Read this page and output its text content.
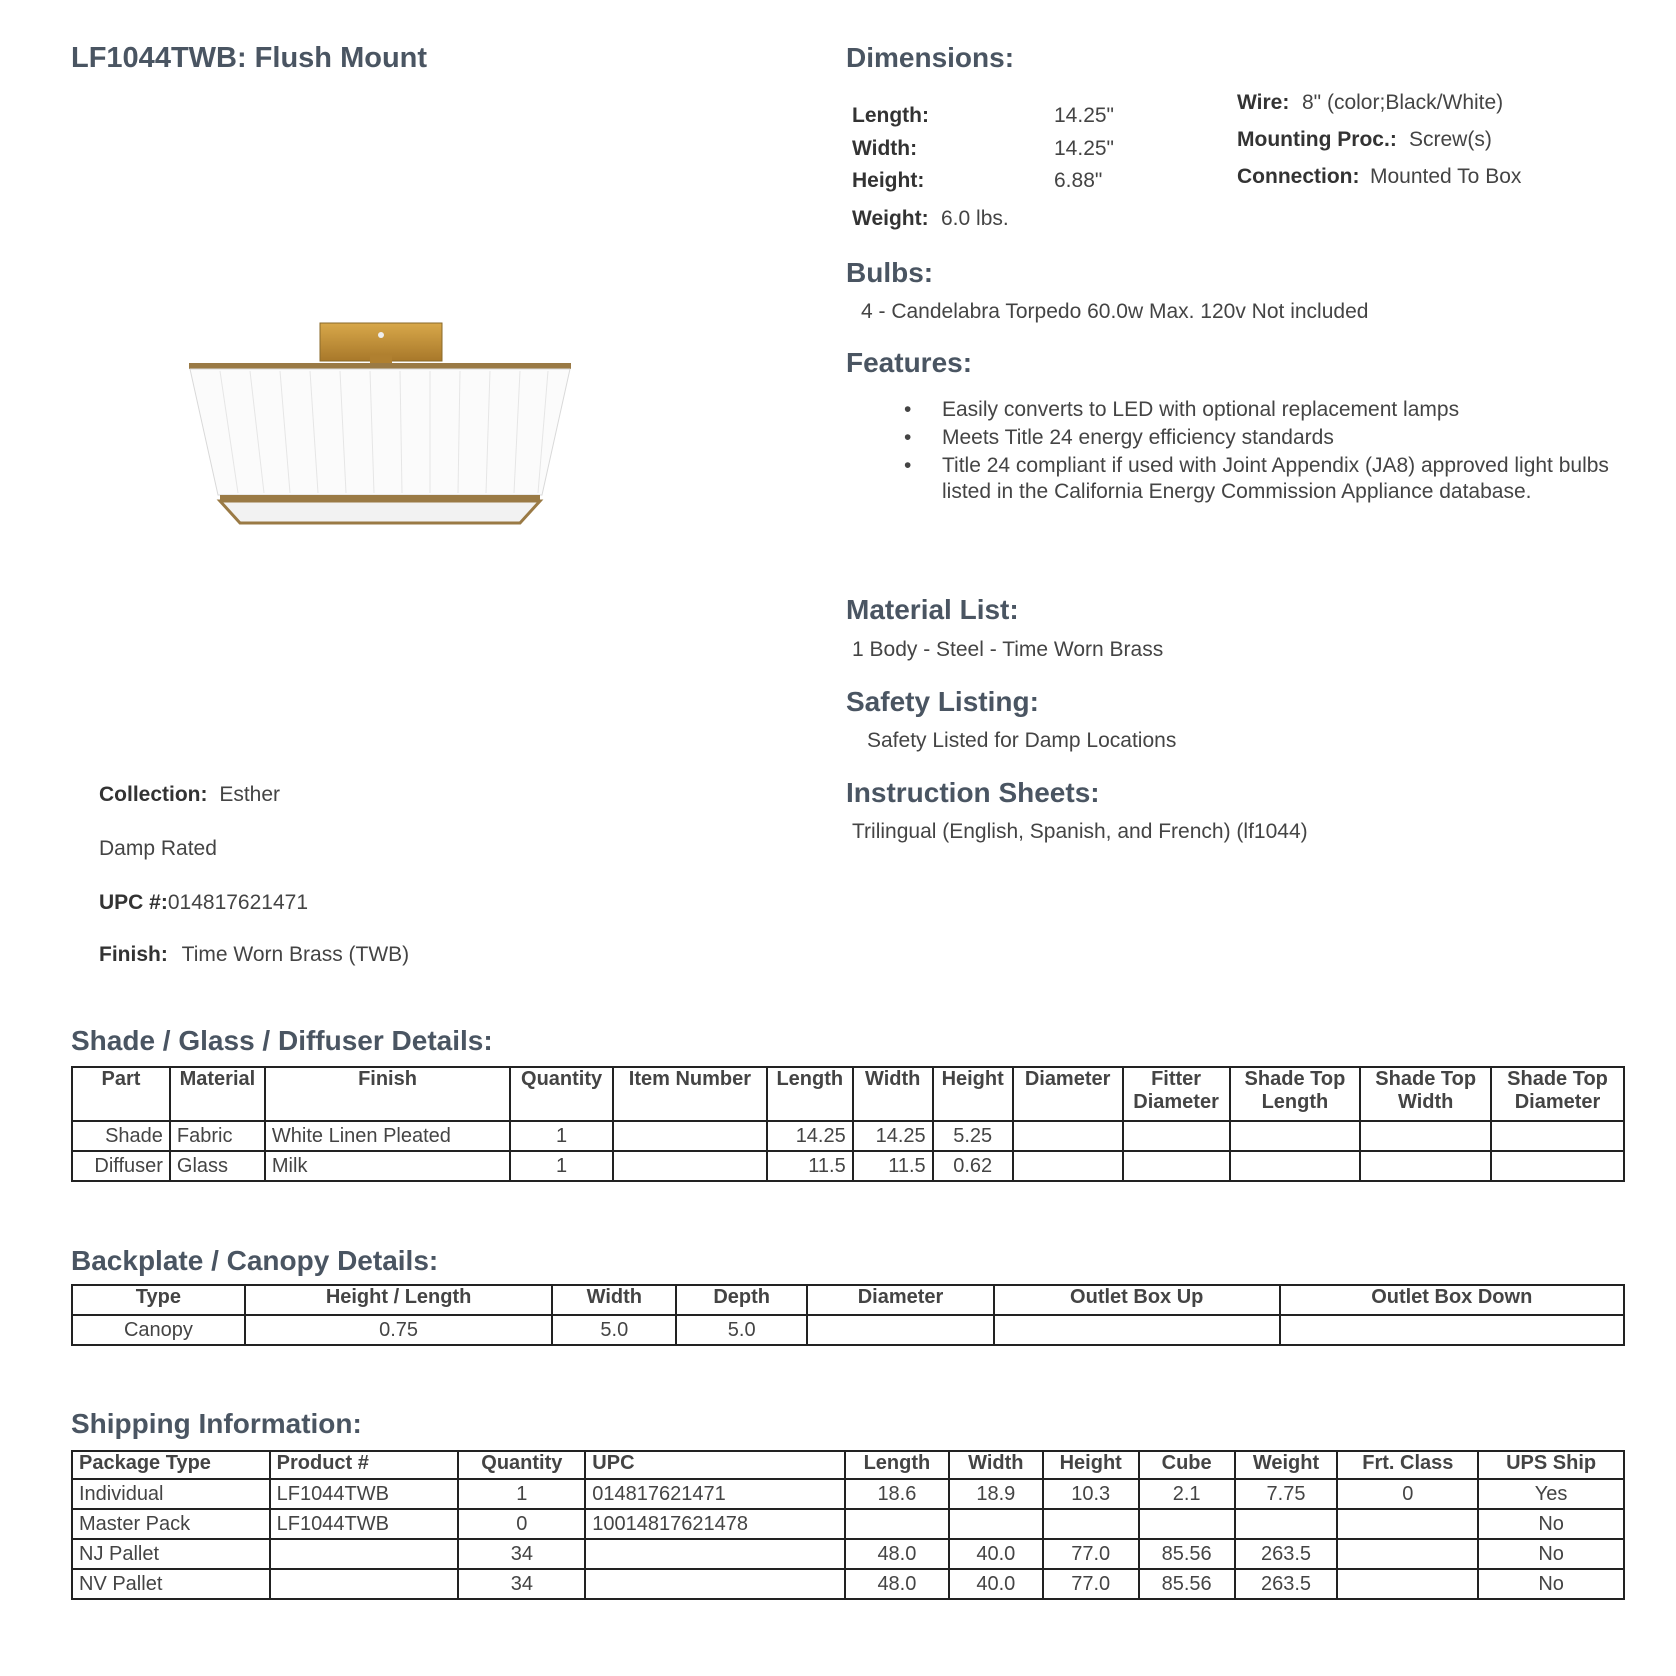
LF1044TWB: Flush Mount
Collection: Esther
Damp Rated
UPC #:014817621471
Finish: Time Worn Brass (TWB)
Dimensions:
Length:	14.25"
Width:	14.25"
Height:	6.88"
Weight: 6.0 lbs.
Wire: 8" (color;Black/White)
Mounting Proc.: Screw(s)
Connection: Mounted To Box
Bulbs:
4 - Candelabra Torpedo 60.0w Max. 120v Not included
Features:
• Easily converts to LED with optional replacement lamps
• Meets Title 24 energy efficiency standards
• Title 24 compliant if used with Joint Appendix (JA8) approved light bulbs listed in the California Energy Commission Appliance database.
Material List:
1 Body - Steel - Time Worn Brass
Safety Listing:
Safety Listed for Damp Locations
Instruction Sheets:
Trilingual (English, Spanish, and French) (lf1044)
Shade / Glass / Diffuser Details:
Part	Material	Finish	Quantity	Item Number	Length	Width	Height	Diameter	Fitter Diameter	Shade Top Length	Shade Top Width	Shade Top Diameter
Shade	Fabric	White Linen Pleated	1		14.25	14.25	5.25					
Diffuser	Glass	Milk	1		11.5	11.5	0.62					
Backplate / Canopy Details:
Type	Height / Length	Width	Depth	Diameter	Outlet Box Up	Outlet Box Down
Canopy	0.75	5.0	5.0			
Shipping Information:
Package Type	Product #	Quantity	UPC	Length	Width	Height	Cube	Weight	Frt. Class	UPS Ship
Individual	LF1044TWB	1	014817621471	18.6	18.9	10.3	2.1	7.75	0	Yes
Master Pack	LF1044TWB	0	10014817621478							No
NJ Pallet		34		48.0	40.0	77.0	85.56	263.5		No
NV Pallet		34		48.0	40.0	77.0	85.56	263.5		No
